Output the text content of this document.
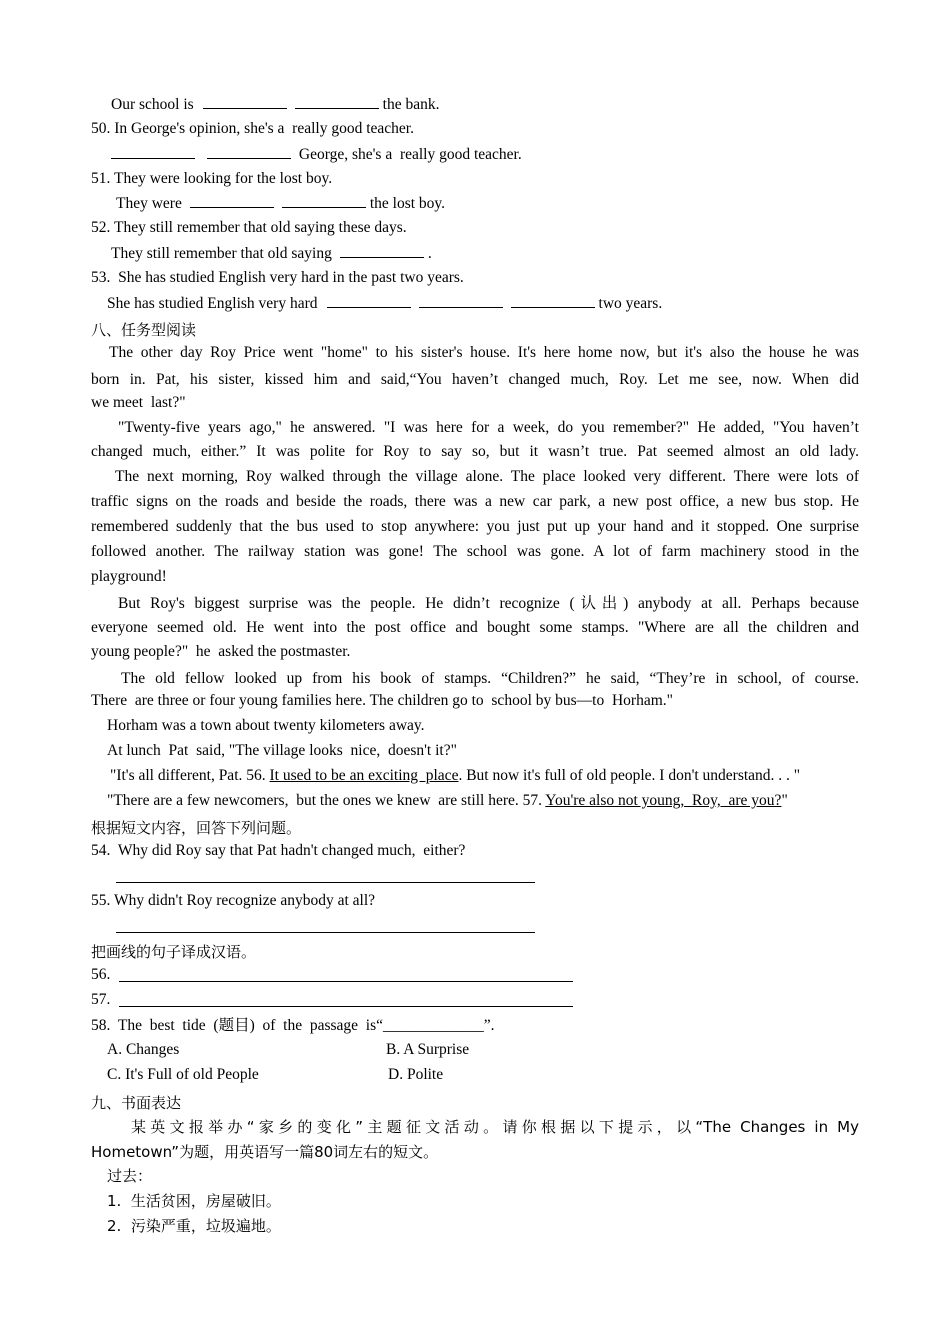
Our school is	the bank.
50. In George's opinion, she's a  really good teacher.
George, she's a  really good teacher.
51. They were looking for the lost boy.
They were	the lost boy.
52. They still remember that old saying these days.
They still remember that old saying	.
53.  She has studied English very hard in the past two years.
She has studied English very hard	two years.
八、任务型阅读
The other day Roy Price went "home" to his sister's house. It's here home now, but it's also the house he was
born in. Pat, his sister, kissed him and said,“You haven’t changed much, Roy. Let me see, now. When did
we meet  last?"
"Twenty-five years ago," he answered. "I was here for a week, do you remember?" He added, "You haven’t
changed much, either.” It was polite for Roy to say so, but it wasn’t true. Pat seemed almost an old lady.
The next morning, Roy walked through the village alone. The place looked very different. There were lots of
traffic signs on the roads and beside the roads, there was a new car park, a new post office, a new bus stop. He
remembered suddenly that the bus used to stop anywhere: you just put up your hand and it stopped. One surprise
followed another. The railway station was gone! The school was gone. A lot of farm machinery stood in the
playground!
But Roy's biggest surprise was the people. He didn’t recognize (认出) anybody at all. Perhaps because
everyone seemed old. He went into the post office and bought some stamps. "Where are all the children and
young people?"  he  asked the postmaster.
The old fellow looked up from his book of stamps. “Children?” he said, “They’re in school, of course.
There  are three or four young families here. The children go to  school by bus—to  Horham."
Horham was a town about twenty kilometers away.
At lunch  Pat  said, "The village looks  nice,  doesn't it?"
"It's all different, Pat. 56. It used to be an exciting  place. But now it's full of old people. I don't understand. . . "
"There are a few newcomers,  but the ones we knew  are still here. 57. You're also not young,  Roy,  are you?"
根据短文内容，回答下列问题。
54.  Why did Roy say that Pat hadn't changed much,  either?
55. Why didn't Roy recognize anybody at all?
把画线的句子译成汉语。
56.
57.
58.  The  best  tide  (题目)  of  the  passage  is“_____________”.
A. Changes	B. A Surprise
C. It's Full of old People	D. Polite
九、书面表达
某英文报举办“家乡的变化”主题征文活动。请你根据以下提示，以“The Changes in My
Hometown”为题，用英语写一篇80词左右的短文。
过去：
1.  生活贫困，房屋破旧。
2.  污染严重，垃圾遍地。
